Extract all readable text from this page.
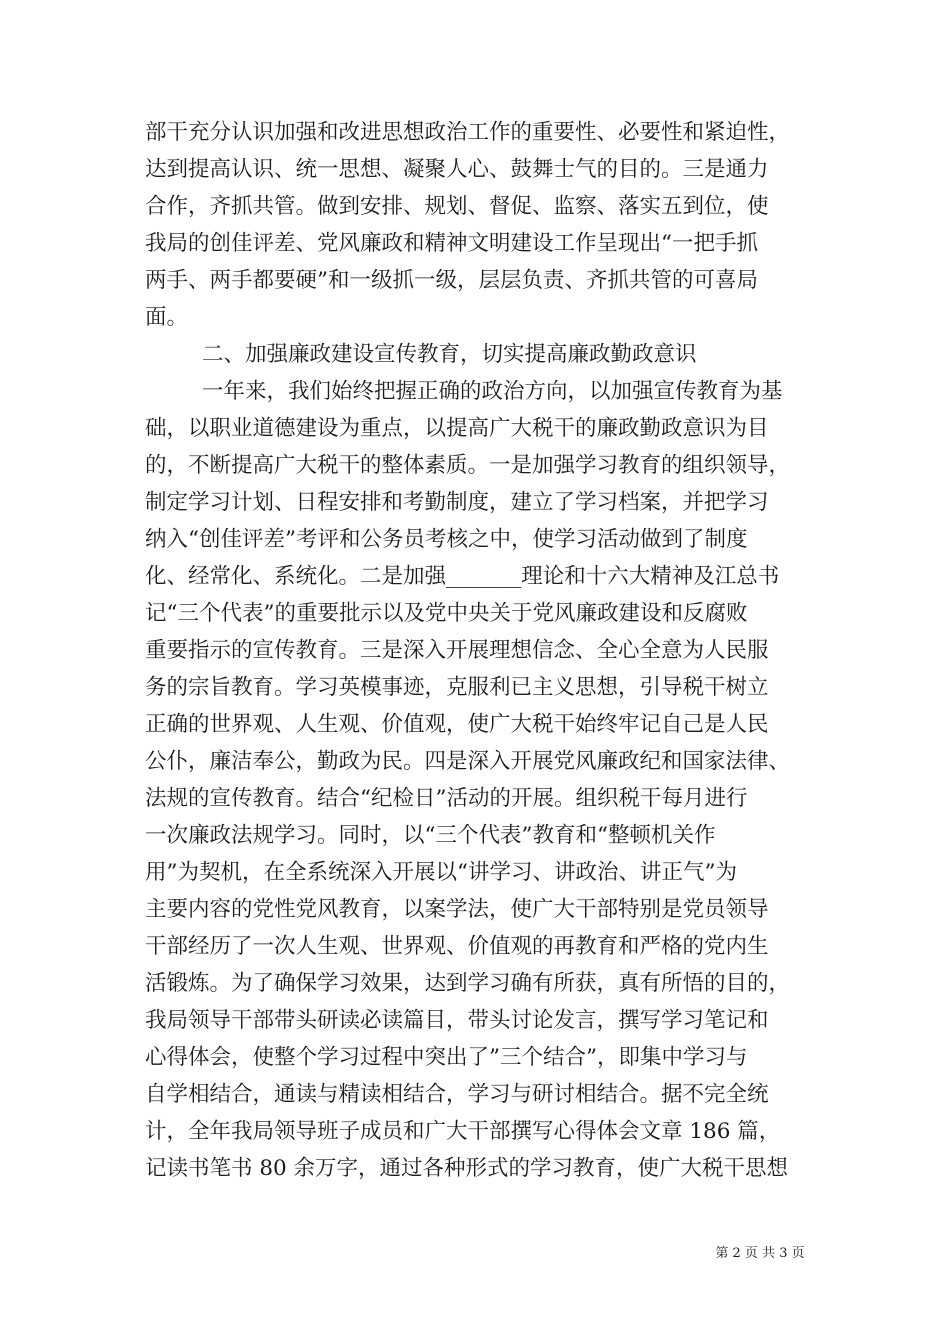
部干充分认识加强和改进思想政治工作的重要性、必要性和紧迫性，
达到提高认识、统一思想、凝聚人心、鼓舞士气的目的。三是通力
合作，齐抓共管。做到安排、规划、督促、监察、落实五到位，使
我局的创佳评差、党风廉政和精神文明建设工作呈现出“一把手抓
两手、两手都要硬”和一级抓一级，层层负责、齐抓共管的可喜局
面。
二、加强廉政建设宣传教育，切实提高廉政勤政意识
一年来，我们始终把握正确的政治方向，以加强宣传教育为基
础，以职业道德建设为重点，以提高广大税干的廉政勤政意识为目
的，不断提高广大税干的整体素质。一是加强学习教育的组织领导，
制定学习计划、日程安排和考勤制度，建立了学习档案，并把学习
纳入“创佳评差”考评和公务员考核之中，使学习活动做到了制度
化、经常化、系统化。二是加强_______理论和十六大精神及江总书
记“三个代表”的重要批示以及党中央关于党风廉政建设和反腐败
重要指示的宣传教育。三是深入开展理想信念、全心全意为人民服
务的宗旨教育。学习英模事迹，克服利已主义思想，引导税干树立
正确的世界观、人生观、价值观，使广大税干始终牢记自己是人民
公仆，廉洁奉公，勤政为民。四是深入开展党风廉政纪和国家法律、
法规的宣传教育。结合“纪检日”活动的开展。组织税干每月进行
一次廉政法规学习。同时，以“三个代表”教育和“整顿机关作
用”为契机，在全系统深入开展以“讲学习、讲政治、讲正气”为
主要内容的党性党风教育，以案学法，使广大干部特别是党员领导
干部经历了一次人生观、世界观、价值观的再教育和严格的党内生
活锻炼。为了确保学习效果，达到学习确有所获，真有所悟的目的，
我局领导干部带头研读必读篇目，带头讨论发言，撰写学习笔记和
心得体会，使整个学习过程中突出了”三个结合”，即集中学习与
自学相结合，通读与精读相结合，学习与研讨相结合。据不完全统
计，全年我局领导班子成员和广大干部撰写心得体会文章 186 篇，
记读书笔书 80 余万字，通过各种形式的学习教育，使广大税干思想
第 2 页 共 3 页
